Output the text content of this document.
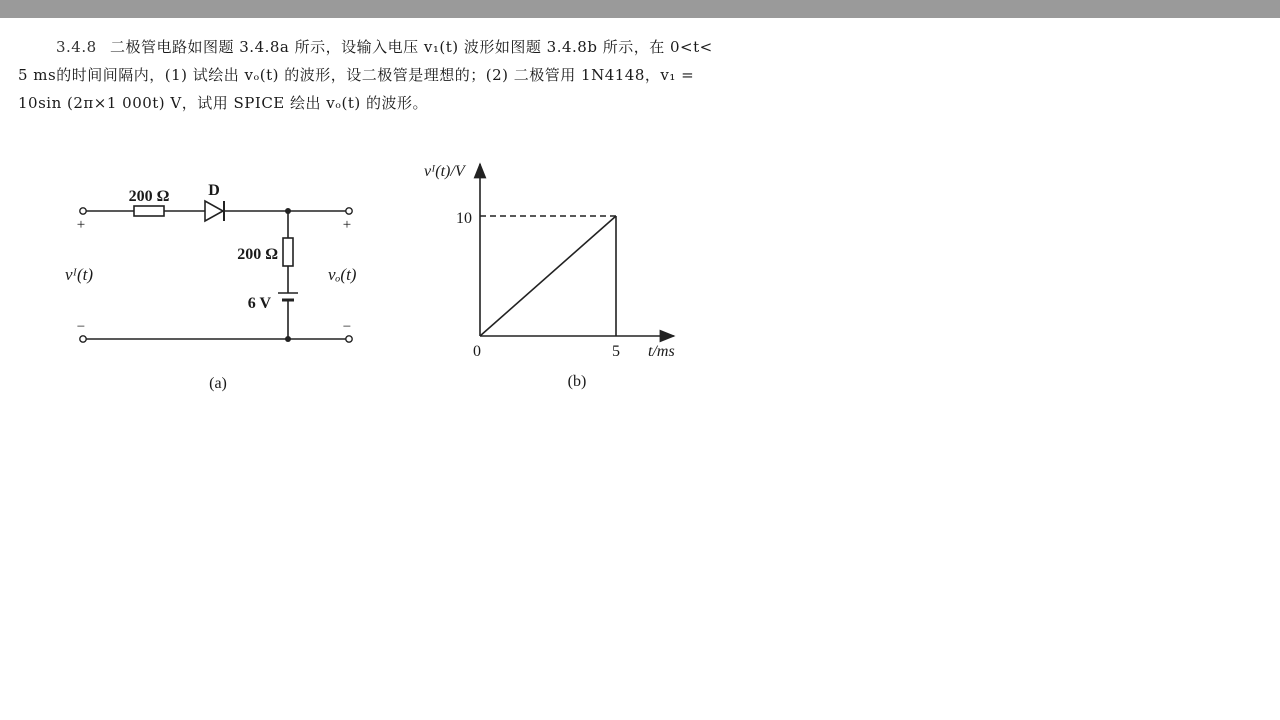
3.4.8 二极管电路如图题 3.4.8a 所示，设输入电压 v₁(t) 波形如图题 3.4.8b 所示，在 0<t<
5 ms的时间间隔内，(1) 试绘出 vₒ(t) 的波形，设二极管是理想的；(2) 二极管用 1N4148，v₁ =
10sin (2π×1 000t) V，试用 SPICE 绘出 vₒ(t) 的波形。
200 Ω D
200 Ω
6 V
vᴵ(t)	vₒ(t)
+	+
−	−
(a)
vᴵ(t)/V
t/ms
10
0	5
(b)
